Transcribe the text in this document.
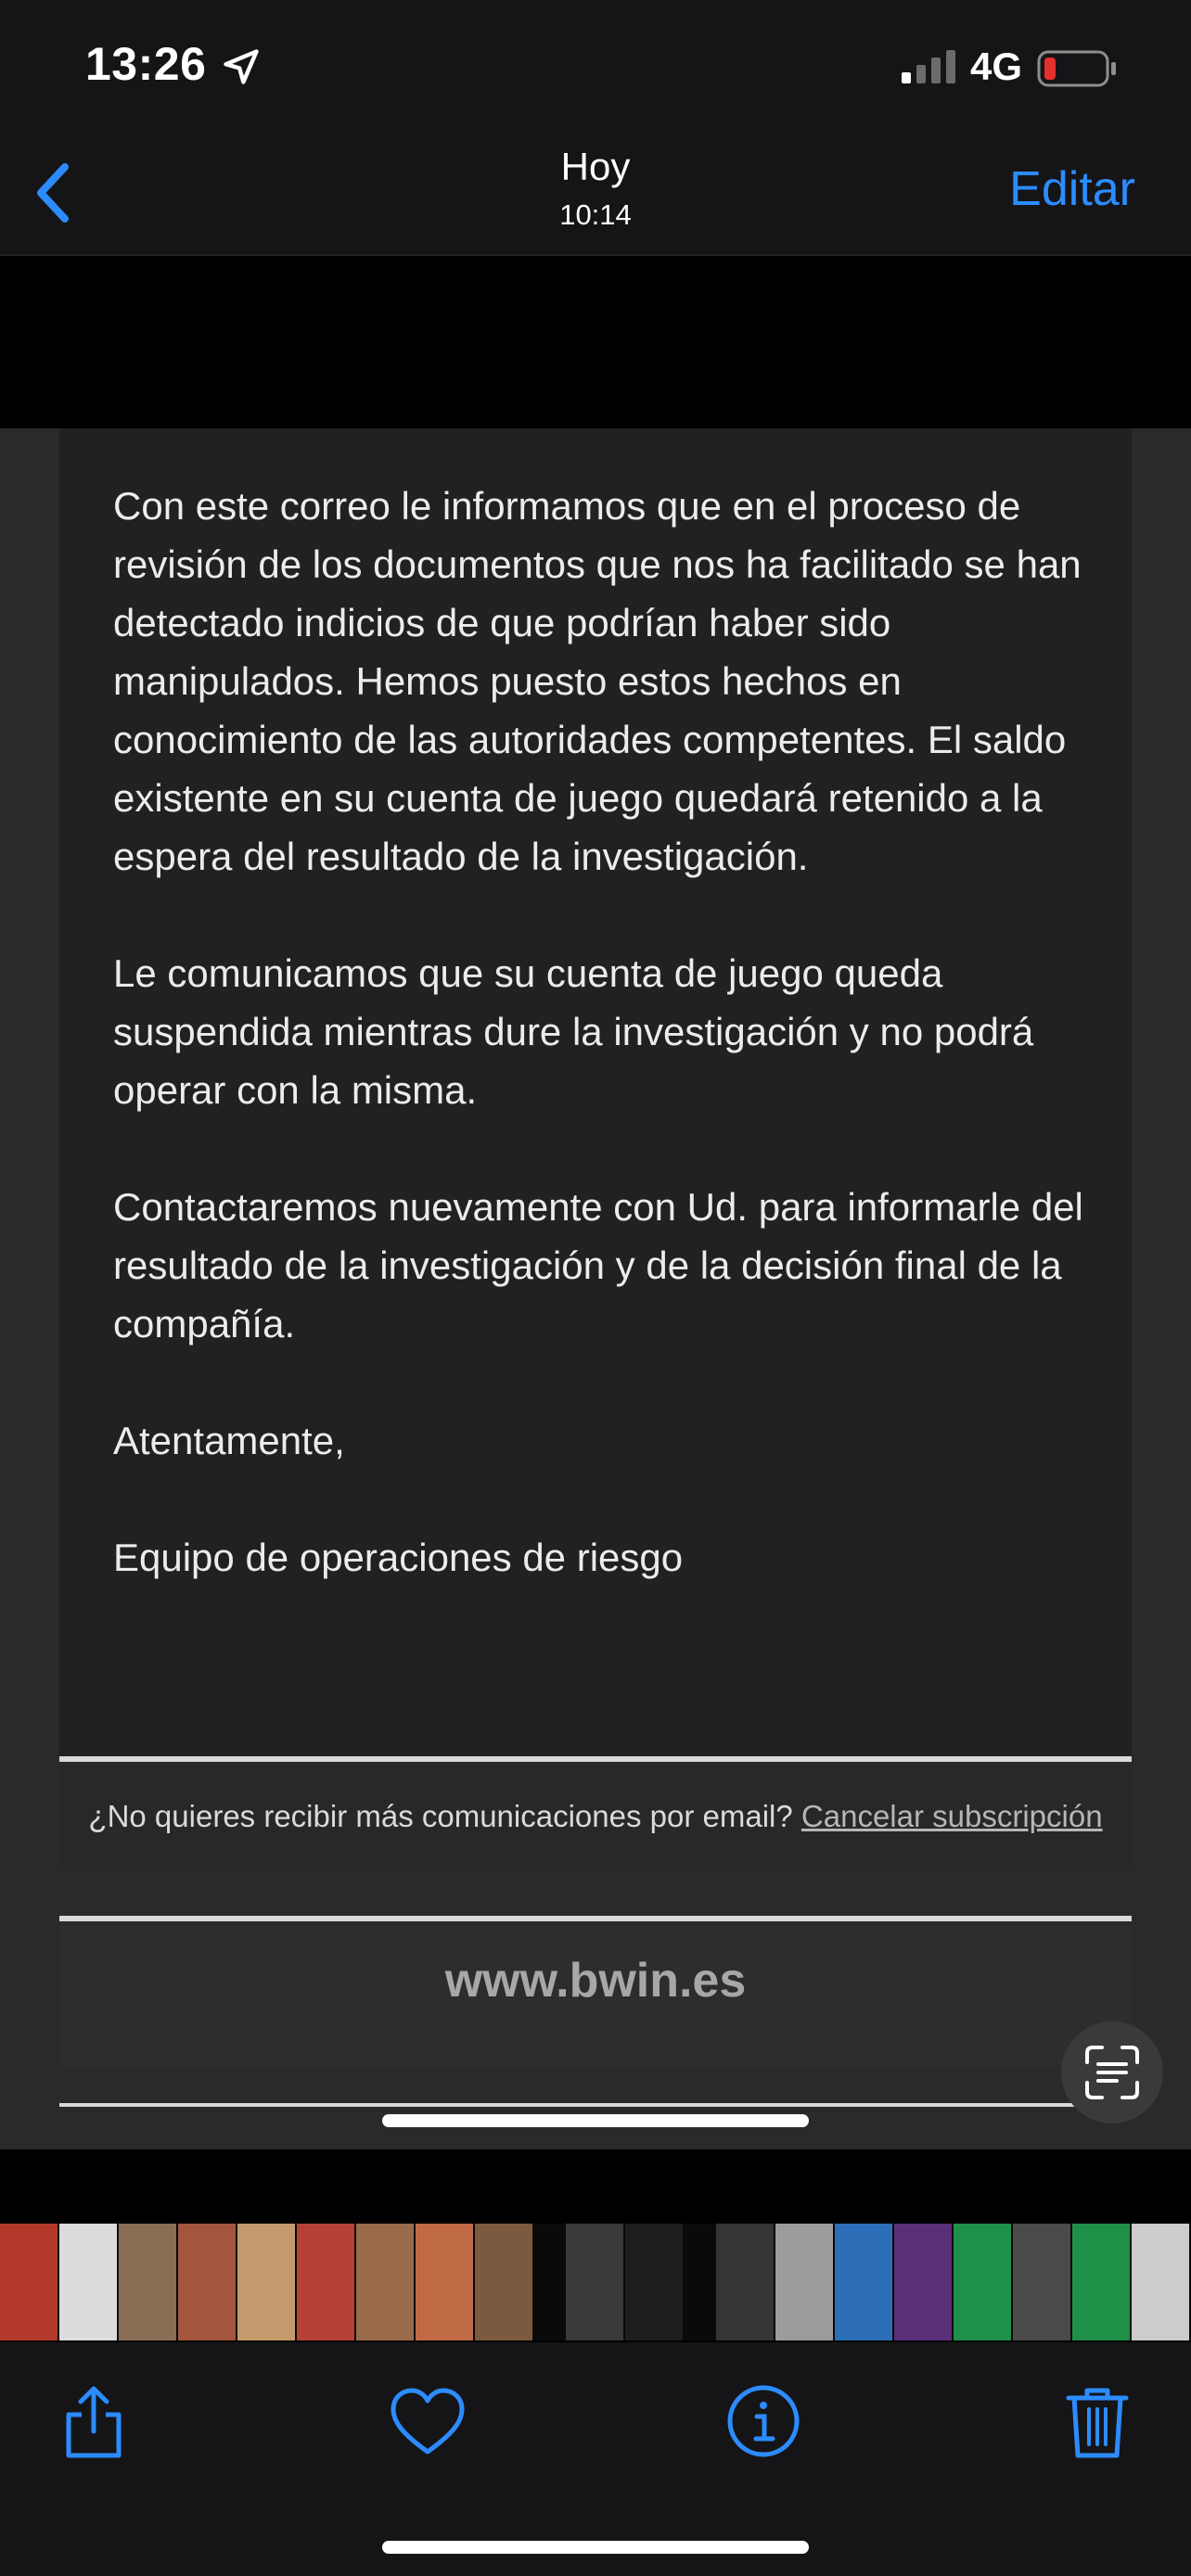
13:26	4G
Hoy
10:14	Editar

Con este correo le informamos que en el proceso de revisión de los documentos que nos ha facilitado se han detectado indicios de que podrían haber sido manipulados. Hemos puesto estos hechos en conocimiento de las autoridades competentes. El saldo existente en su cuenta de juego quedará retenido a la espera del resultado de la investigación.

Le comunicamos que su cuenta de juego queda suspendida mientras dure la investigación y no podrá operar con la misma.

Contactaremos nuevamente con Ud. para informarle del resultado de la investigación y de la decisión final de la compañía.

Atentamente,

Equipo de operaciones de riesgo

¿No quieres recibir más comunicaciones por email? Cancelar subscripción
www.bwin.es
